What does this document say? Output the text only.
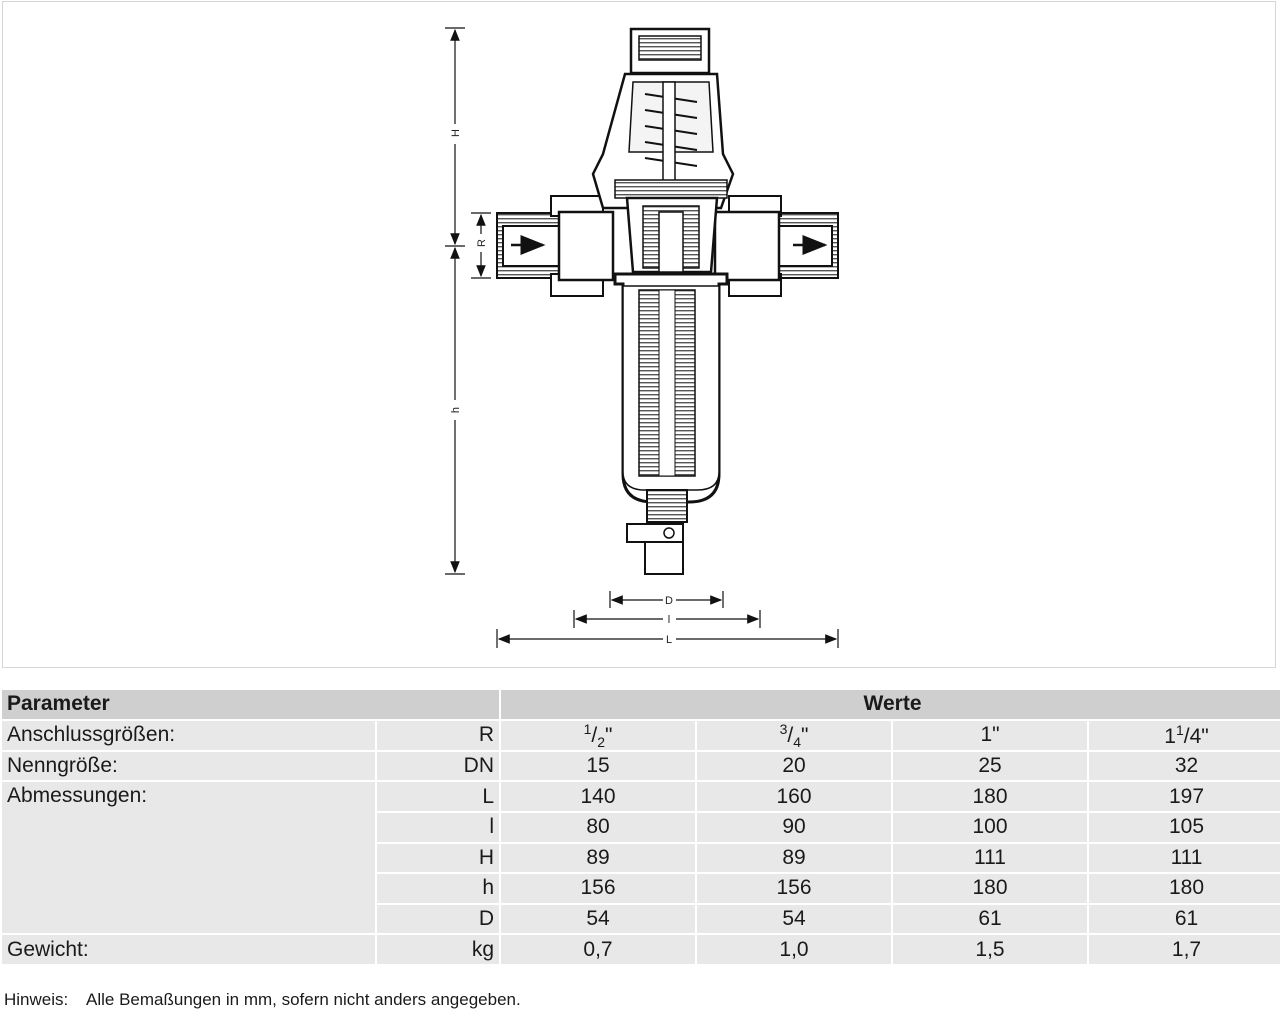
H
h
R
D
l
L
Parameter		Werte			
Anschlussgrößen:	R	$^1/_2$"	$^3/_4$"	1"	$1^1/4$"
Nenngröße:	DN	15	20	25	32
Abmessungen:	L	140	160	180	197
	l	80	90	100	105
	H	89	89	111	111
	h	156	156	180	180
	D	54	54	61	61
Gewicht:	kg	0,7	1,0	1,5	1,7
Hinweis: Alle Bemaßungen in mm, sofern nicht anders angegeben.
